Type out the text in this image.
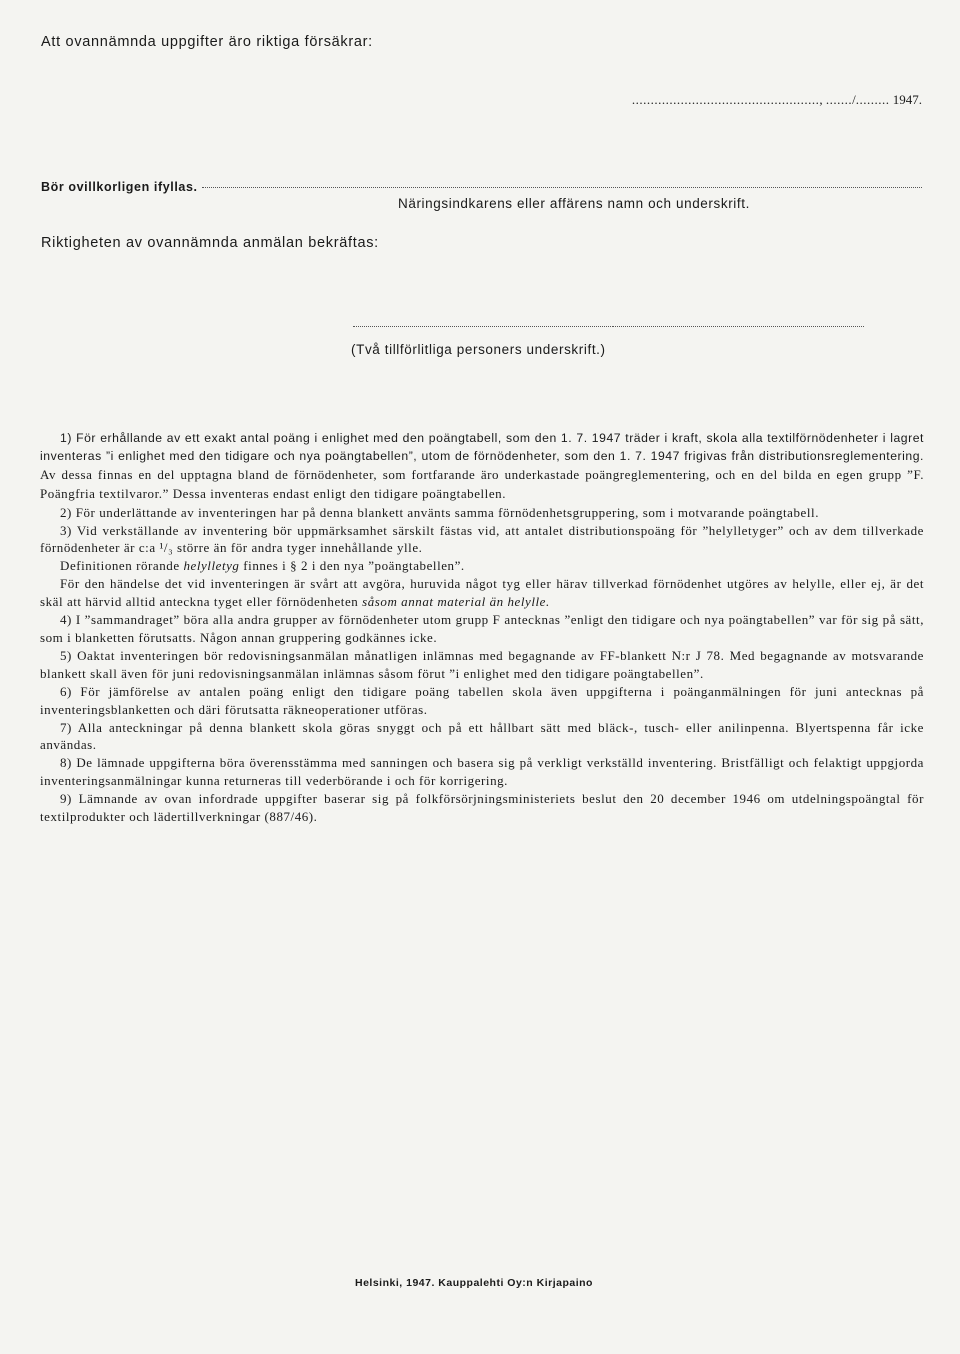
Att ovannämnda uppgifter äro riktiga försäkrar:
.................................................., ......./......... 1947.
Bör ovillkorligen ifyllas.
Näringsindkarens eller affärens namn och underskrift.
Riktigheten av ovannämnda anmälan bekräftas:
(Två tillförlitliga personers underskrift.)

1) För erhållande av ett exakt antal poäng i enlighet med den poängtabell, som den 1. 7. 1947 träder i kraft, skola alla textilförnödenheter i lagret inventeras ”i enlighet med den tidigare och nya poängtabellen”, utom de förnödenheter, som den 1. 7. 1947 frigivas från distributionsreglementering. Av dessa finnas en del upptagna bland de förnödenheter, som fortfarande äro underkastade poängreglementering, och en del bilda en egen grupp ”F. Poängfria textilvaror.” Dessa inventeras endast enligt den tidigare poängtabellen.

2) För underlättande av inventeringen har på denna blankett använts samma förnödenhetsgruppering, som i motvarande poängtabell.

3) Vid verkställande av inventering bör uppmärksamhet särskilt fästas vid, att antalet distributionspoäng för ”helylletyger” och av dem tillverkade förnödenheter är c:a ¹/₃ större än för andra tyger innehållande ylle.

Definitionen rörande helylletyg finnes i § 2 i den nya ”poängtabellen”.

För den händelse det vid inventeringen är svårt att avgöra, huruvida något tyg eller härav tillverkad förnödenhet utgöres av helylle, eller ej, är det skäl att härvid alltid anteckna tyget eller förnödenheten såsom annat material än helylle.

4) I ”sammandraget” böra alla andra grupper av förnödenheter utom grupp F antecknas ”enligt den tidigare och nya poängtabellen” var för sig på sätt, som i blanketten förutsatts. Någon annan gruppering godkännes icke.

5) Oaktat inventeringen bör redovisningsanmälan månatligen inlämnas med begagnande av FF-blankett N:r J 78. Med begagnande av motsvarande blankett skall även för juni redovisningsanmälan inlämnas såsom förut ”i enlighet med den tidigare poängtabellen”.

6) För jämförelse av antalen poäng enligt den tidigare poäng tabellen skola även uppgifterna i poänganmälningen för juni antecknas på inventeringsblanketten och däri förutsatta räkneoperationer utföras.

7) Alla anteckningar på denna blankett skola göras snyggt och på ett hållbart sätt med bläck-, tusch- eller anilinpenna. Blyertspenna får icke användas.

8) De lämnade uppgifterna böra överensstämma med sanningen och basera sig på verkligt verkställd inventering. Bristfälligt och felaktigt uppgjorda inventeringsanmälningar kunna returneras till vederbörande i och för korrigering.

9) Lämnande av ovan infordrade uppgifter baserar sig på folkförsörjningsministeriets beslut den 20 december 1946 om utdelningspoängtal för textilprodukter och lädertillverkningar (887/46).

Helsinki, 1947. Kauppalehti Oy:n Kirjapaino
